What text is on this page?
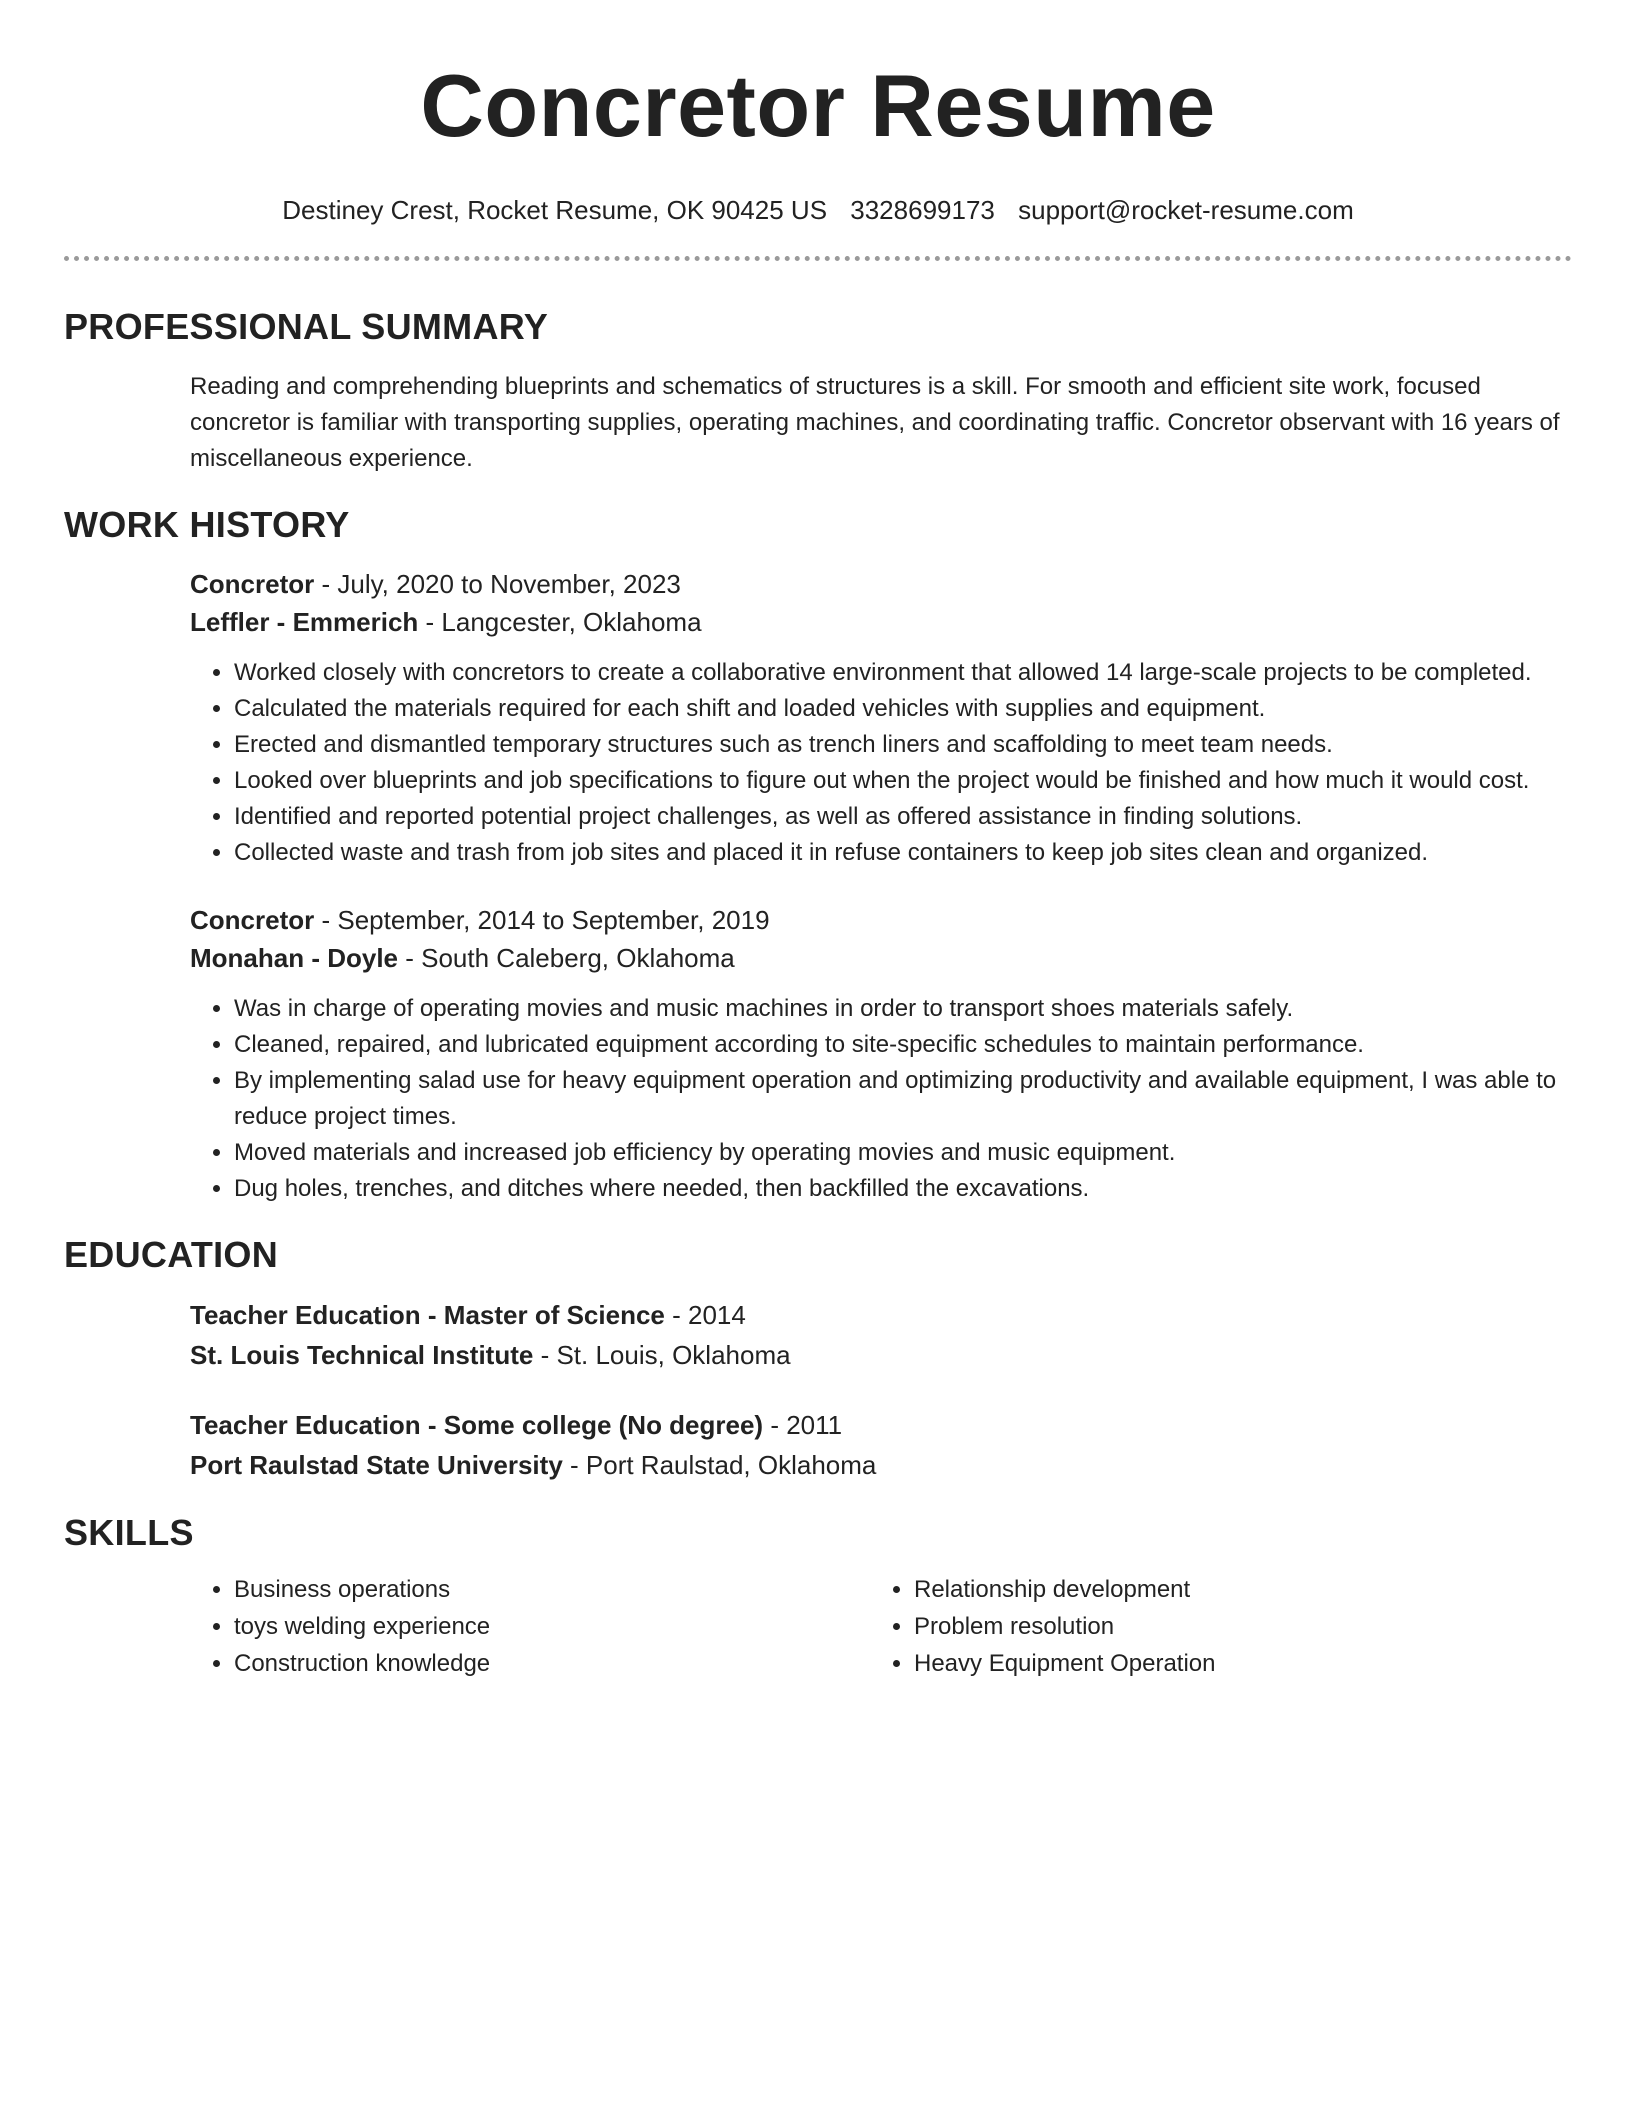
Concretor Resume
Destiney Crest, Rocket Resume, OK 90425 US 3328699173 support@rocket-resume.com
PROFESSIONAL SUMMARY

Reading and comprehending blueprints and schematics of structures is a skill. For smooth and efficient site work, focused concretor is familiar with transporting supplies, operating machines, and coordinating traffic. Concretor observant with 16 years of miscellaneous experience.

WORK HISTORY
Concretor - July, 2020 to November, 2023
Leffler - Emmerich - Langcester, Oklahoma
• Worked closely with concretors to create a collaborative environment that allowed 14 large-scale projects to be completed.
• Calculated the materials required for each shift and loaded vehicles with supplies and equipment.
• Erected and dismantled temporary structures such as trench liners and scaffolding to meet team needs.
• Looked over blueprints and job specifications to figure out when the project would be finished and how much it would cost.
• Identified and reported potential project challenges, as well as offered assistance in finding solutions.
• Collected waste and trash from job sites and placed it in refuse containers to keep job sites clean and organized.
Concretor - September, 2014 to September, 2019
Monahan - Doyle - South Caleberg, Oklahoma
• Was in charge of operating movies and music machines in order to transport shoes materials safely.
• Cleaned, repaired, and lubricated equipment according to site-specific schedules to maintain performance.
• By implementing salad use for heavy equipment operation and optimizing productivity and available equipment, I was able to reduce project times.
• Moved materials and increased job efficiency by operating movies and music equipment.
• Dug holes, trenches, and ditches where needed, then backfilled the excavations.
EDUCATION
Teacher Education - Master of Science - 2014
St. Louis Technical Institute - St. Louis, Oklahoma
Teacher Education - Some college (No degree) - 2011
Port Raulstad State University - Port Raulstad, Oklahoma
SKILLS
• Business operations
• toys welding experience
• Construction knowledge
• Relationship development
• Problem resolution
• Heavy Equipment Operation
